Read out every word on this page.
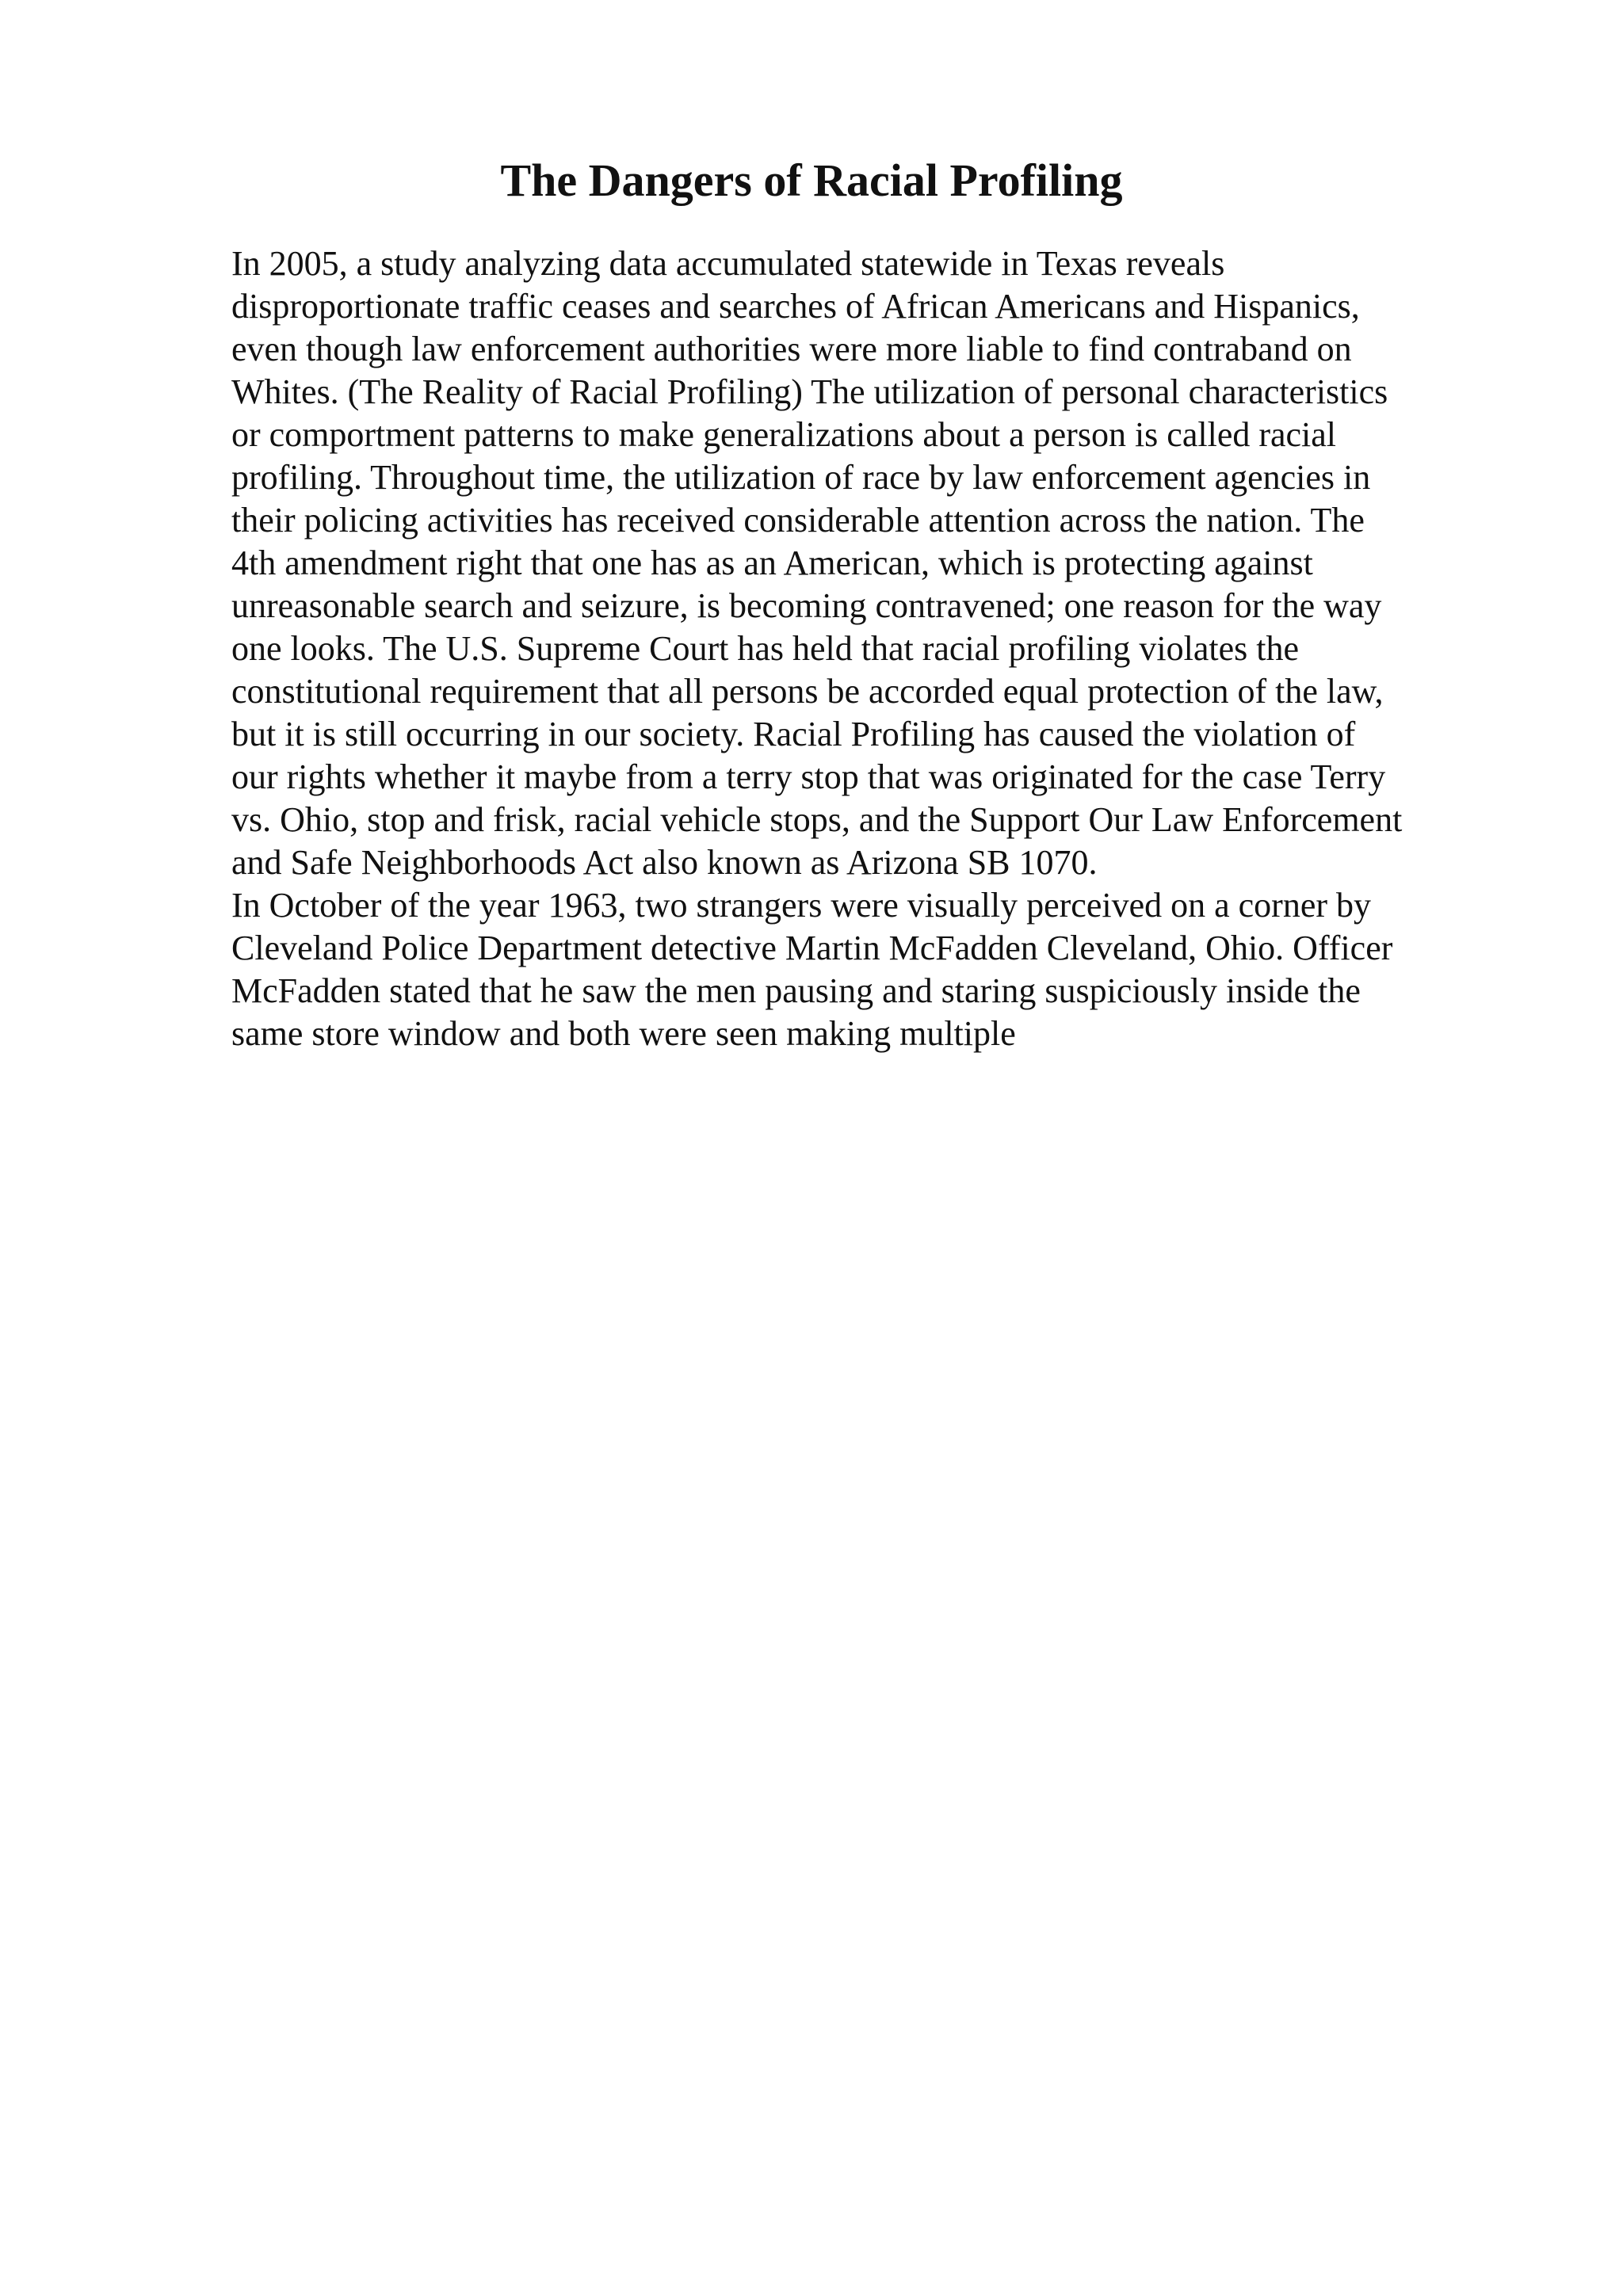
The Dangers of Racial Profiling
In 2005, a study analyzing data accumulated statewide in Texas reveals
disproportionate traffic ceases and searches of African Americans and Hispanics,
even though law enforcement authorities were more liable to find contraband on
Whites. (The Reality of Racial Profiling) The utilization of personal characteristics
or comportment patterns to make generalizations about a person is called racial
profiling. Throughout time, the utilization of race by law enforcement agencies in
their policing activities has received considerable attention across the nation. The
4th amendment right that one has as an American, which is protecting against
unreasonable search and seizure, is becoming contravened; one reason for the way
one looks. The U.S. Supreme Court has held that racial profiling violates the
constitutional requirement that all persons be accorded equal protection of the law,
but it is still occurring in our society. Racial Profiling has caused the violation of
our rights whether it maybe from a terry stop that was originated for the case Terry
vs. Ohio, stop and frisk, racial vehicle stops, and the Support Our Law Enforcement
and Safe Neighborhoods Act also known as Arizona SB 1070.
In October of the year 1963, two strangers were visually perceived on a corner by
Cleveland Police Department detective Martin McFadden Cleveland, Ohio. Officer
McFadden stated that he saw the men pausing and staring suspiciously inside the
same store window and both were seen making multiple
